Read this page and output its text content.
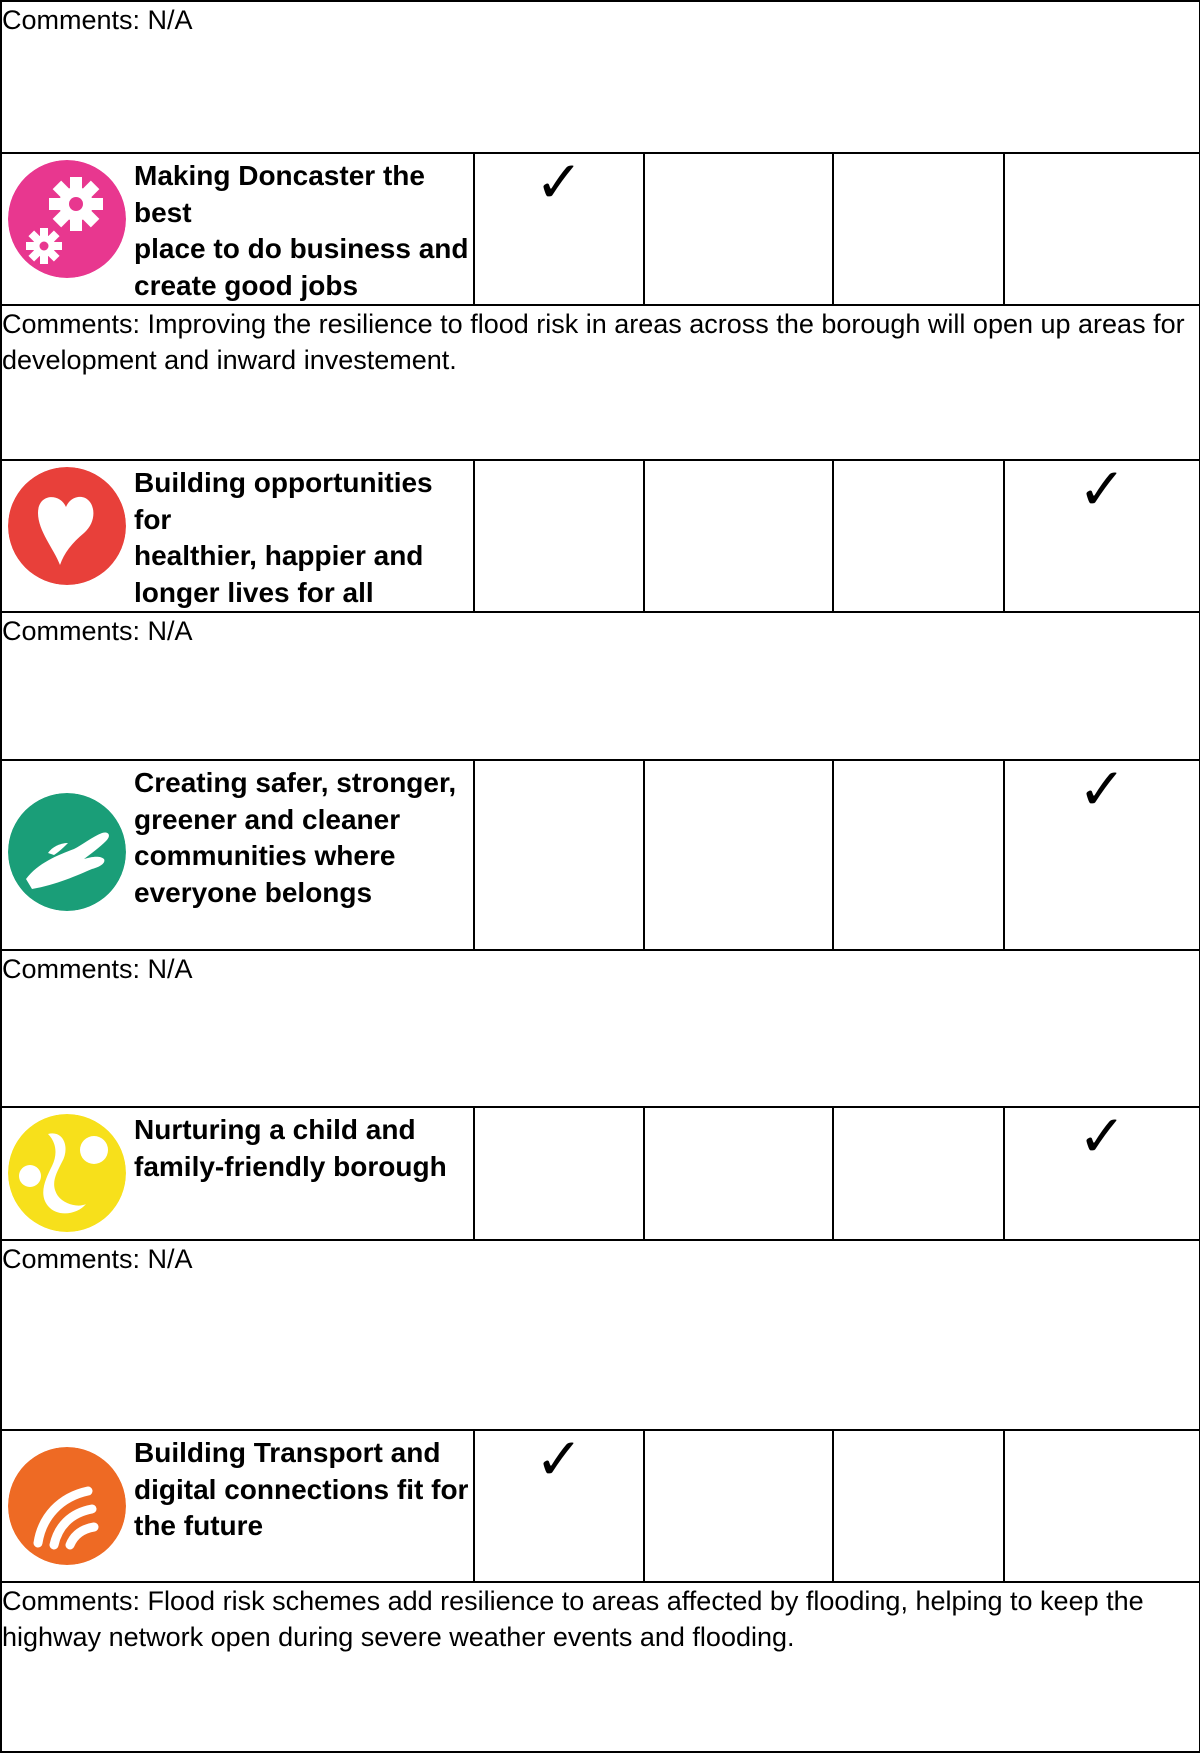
Comments: N/A				

Making Doncaster the best
place to do business and create good jobs	✓			
Comments: Improving the resilience to flood risk in areas across the borough will open up areas for development and inward investement.				

Building opportunities for
healthier, happier and longer lives for all				✓
Comments: N/A				

Creating safer, stronger,
greener and cleaner communities where everyone belongs				✓
Comments: N/A				

Nurturing a child and family-friendly borough				✓
Comments: N/A				

Building Transport and digital connections fit for the future	✓			
Comments: Flood risk schemes add resilience to areas affected by flooding, helping to keep the highway network open during severe weather events and flooding.				
